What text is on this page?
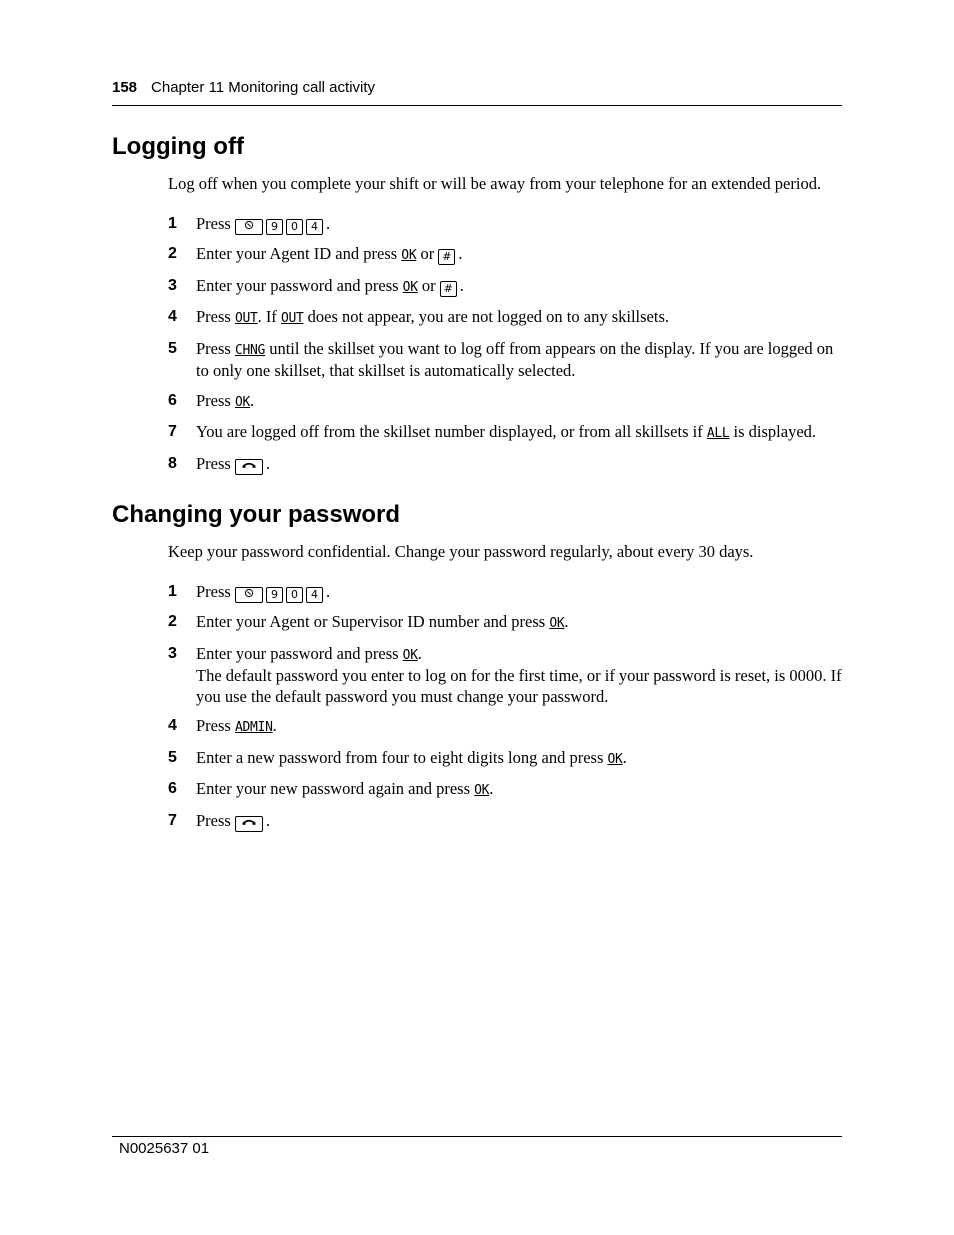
158 Chapter 11 Monitoring call activity
Logging off

Log off when you complete your shift or will be away from your telephone for an extended period.

1 Press	9 0 4 .
2 Enter your Agent ID and press OK or # .
3 Enter your password and press OK or # .
4 Press OUT. If OUT does not appear, you are not logged on to any skillsets.
5 Press CHNG until the skillset you want to log off from appears on the display. If you are logged on to only one skillset, that skillset is automatically selected.
6 Press OK.
7 You are logged off from the skillset number displayed, or from all skillsets if ALL is displayed.
8 Press .
Changing your password

Keep your password confidential. Change your password regularly, about every 30 days.

1 Press	9 0 4 .
2 Enter your Agent or Supervisor ID number and press OK.
3 Enter your password and press OK.
The default password you enter to log on for the first time, or if your password is reset, is 0000. If you use the default password you must change your password.
4 Press ADMIN.
5 Enter a new password from four to eight digits long and press OK.
6 Enter your new password again and press OK.
7 Press .
N0025637 01
